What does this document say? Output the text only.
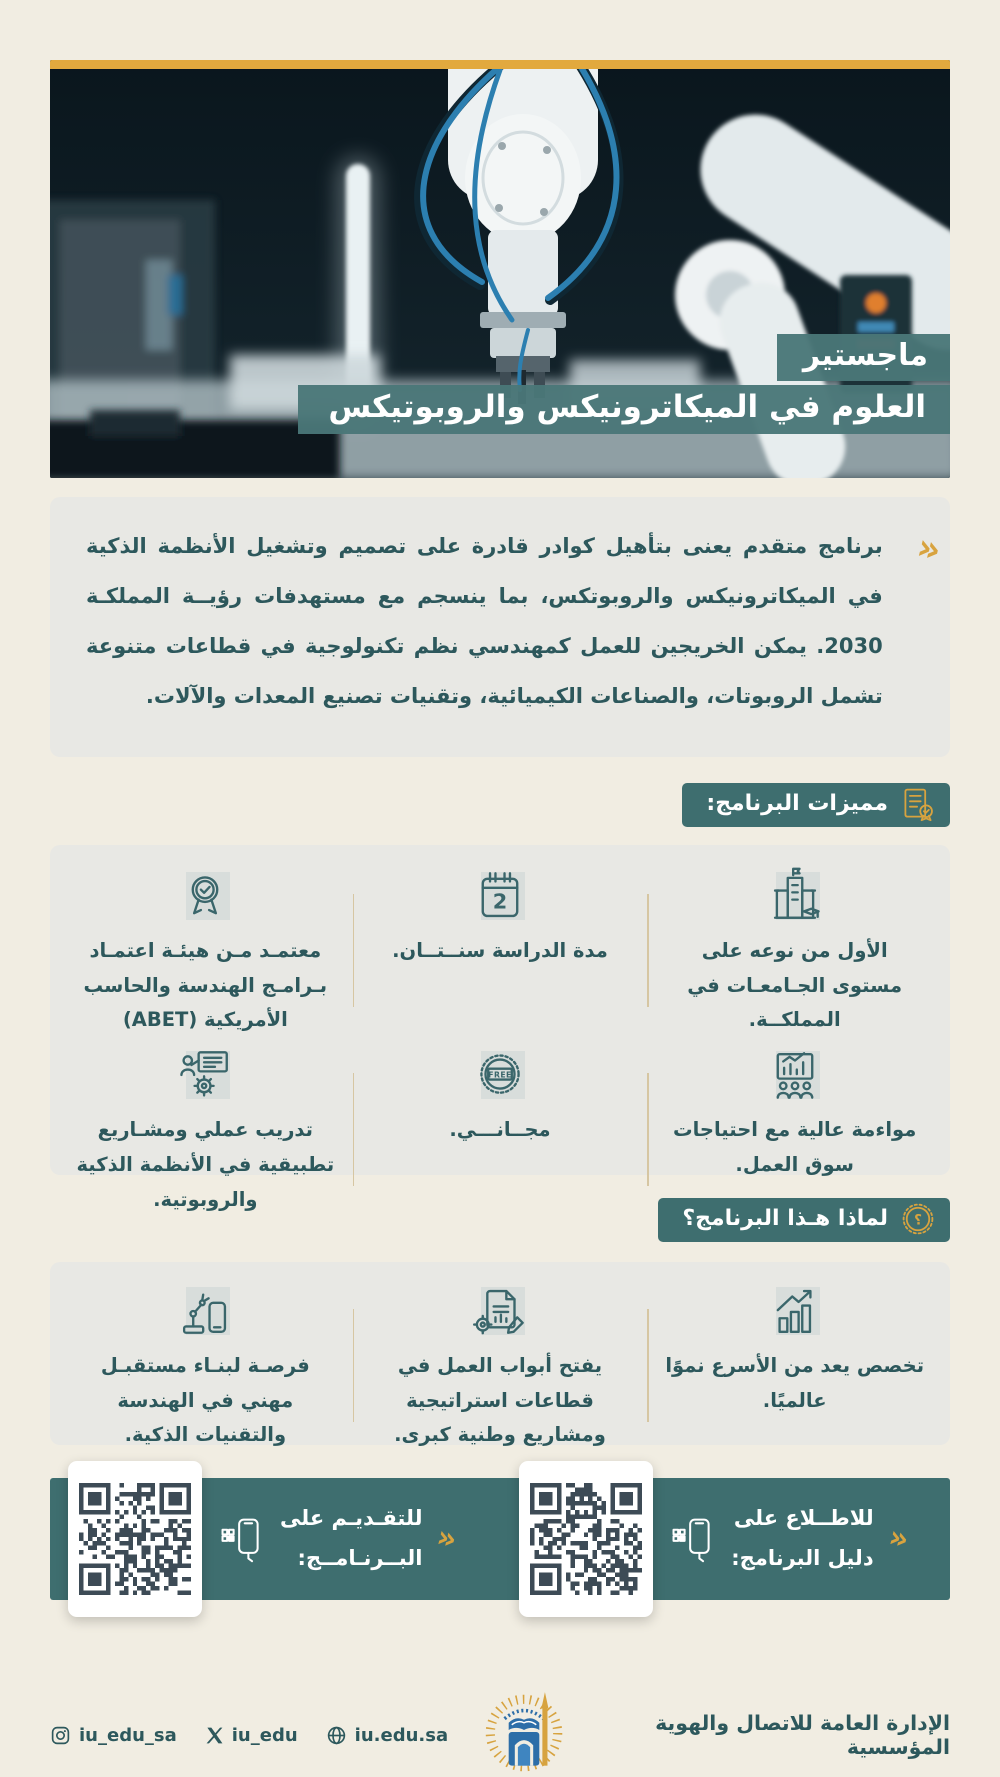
ماجستير
العلوم في الميكاترونيكس والروبوتيكس
«

برنامج متقدم يعنى بتأهيل كوادر قادرة على تصميم وتشغيل الأنظمة الذكية في الميكاترونيكس والروبوتكس، بما ينسجم مع مستهدفات رؤيــة المملكـة 2030. يمكن الخريجين للعمل كمهندسي نظم تكنولوجية في قطاعات متنوعة تشمل الروبوتات، والصناعات الكيميائية، وتقنيات تصنيع المعدات والآلات.

مميزات البرنامج:
الأول من نوعه على مستوى الجـامعـات في المملكــة.
2
مدة الدراسة سنــتــان.
معتمـد مـن هيئـة اعتمـاد بـرامـج الهندسة والحاسب الأمريكية (ABET)
مواءمة عالية مع احتياجات سوق العمل.
FREE
مجــانـــي.
تدريب عملي ومشـاريع تطبيقية في الأنظمة الذكية والروبوتية.
؟
لماذا هـذا البرنامج؟
تخصص يعد من الأسرع نموًا عالميًا.
يفتح أبواب العمل في قطاعات استراتيجية ومشاريع وطنية كبرى.
فرصـة لبنـاء مستقبـل مهني في الهندسة والتقنيات الذكية.
«
للاطــلاع على
دليل البرنامج:
«
للتقـديـم على
البــرنـامــج:
الإدارة العامة للاتصال والهوية المؤسسية
iu_edu_sa	iu_edu	iu.edu.sa
